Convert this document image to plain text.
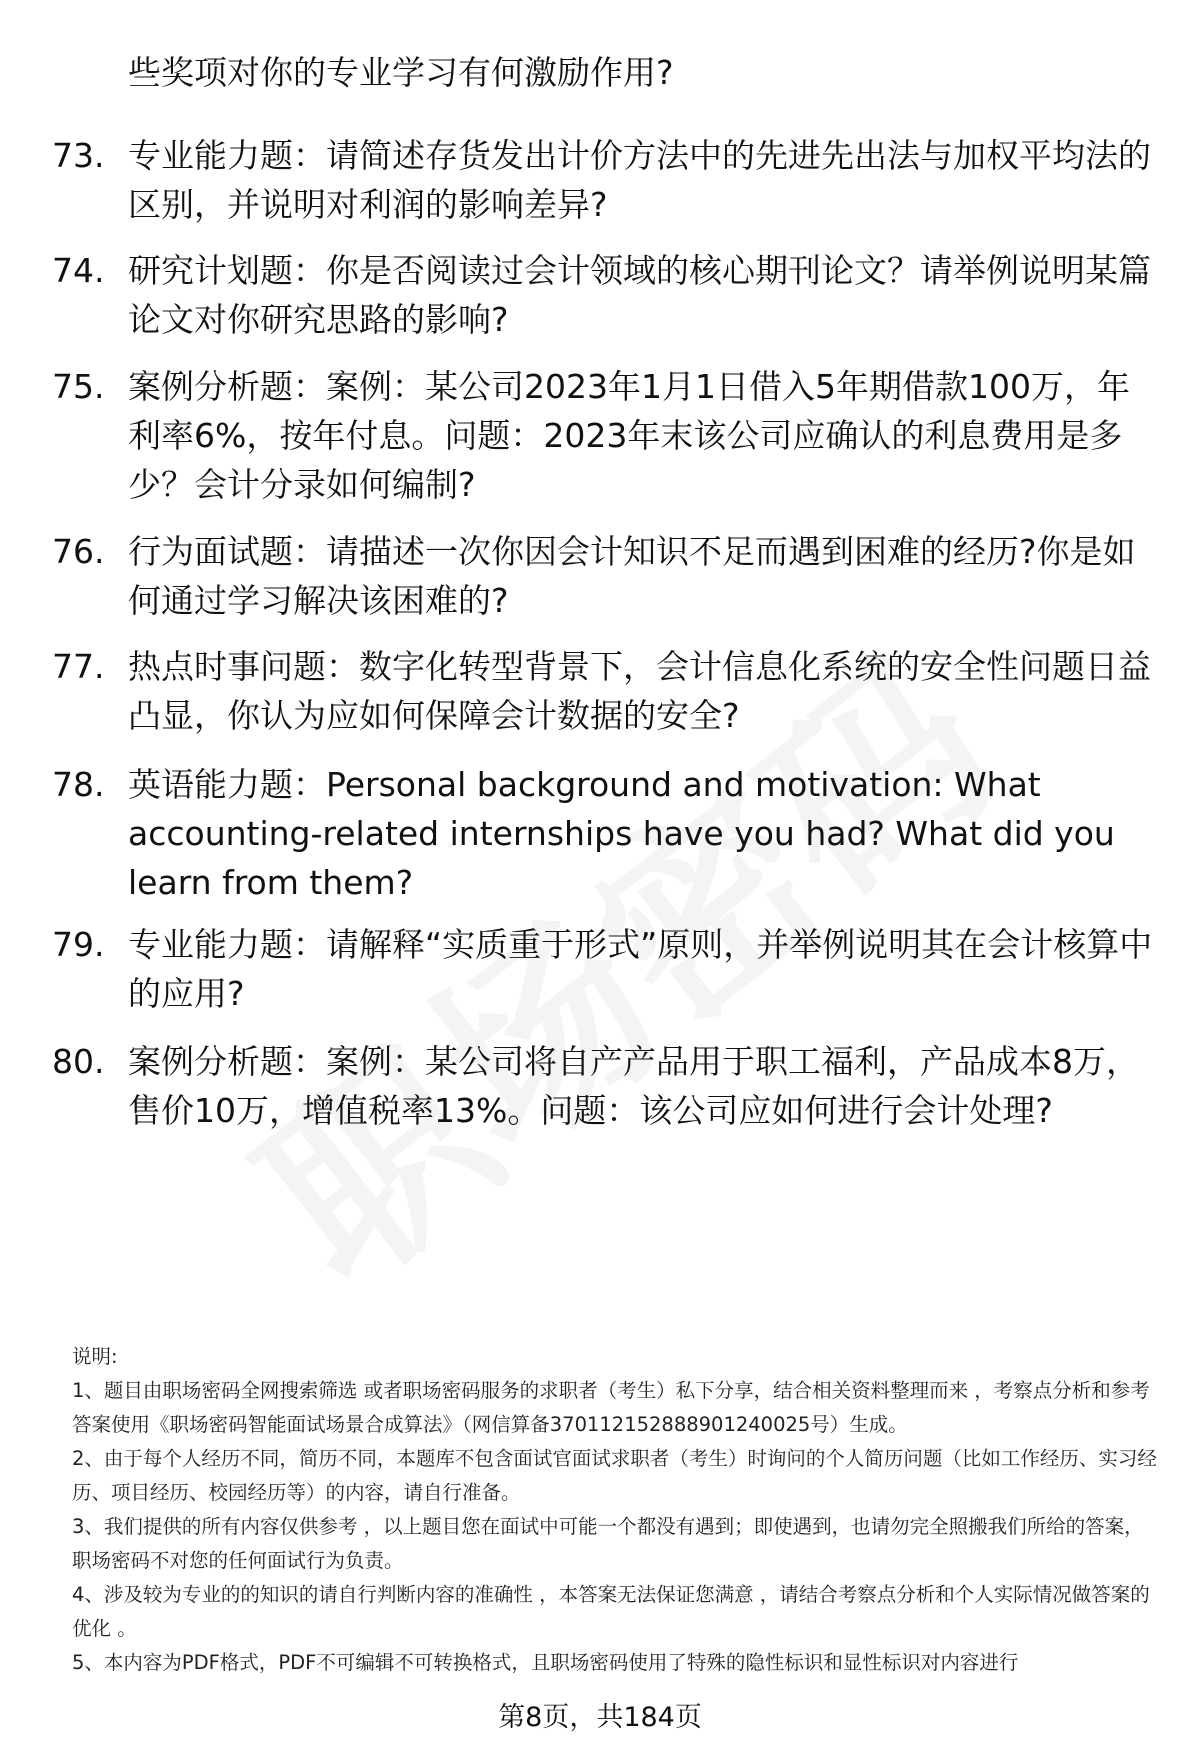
些奖项对你的专业学习有何激励作用?
73. 专业能力题：请简述存货发出计价方法中的先进先出法与加权平均法的区别，并说明对利润的影响差异?
74. 研究计划题：你是否阅读过会计领域的核心期刊论文？请举例说明某篇论文对你研究思路的影响?
75. 案例分析题：案例：某公司2023年1月1日借入5年期借款100万，年利率6%，按年付息。问题：2023年末该公司应确认的利息费用是多少？会计分录如何编制?
76. 行为面试题：请描述一次你因会计知识不足而遇到困难的经历?你是如何通过学习解决该困难的?
77. 热点时事问题：数字化转型背景下，会计信息化系统的安全性问题日益凸显，你认为应如何保障会计数据的安全?
78. 英语能力题：Personal background and motivation: What accounting-related internships have you had? What did you learn from them?
79. 专业能力题：请解释“实质重于形式”原则，并举例说明其在会计核算中的应用?
80. 案例分析题：案例：某公司将自产产品用于职工福利，产品成本8万，售价10万，增值税率13%。问题：该公司应如何进行会计处理?

说明:

1、题目由职场密码全网搜索筛选 或者职场密码服务的求职者（考生）私下分享，结合相关资料整理而来 ，考察点分析和参考答案使用《职场密码智能面试场景合成算法》（网信算备370112152888901240025号）生成。

2、由于每个人经历不同，简历不同，本题库不包含面试官面试求职者（考生）时询问的个人简历问题（比如工作经历、实习经历、项目经历、校园经历等）的内容，请自行准备。

3、我们提供的所有内容仅供参考 ，以上题目您在面试中可能一个都没有遇到；即使遇到，也请勿完全照搬我们所给的答案，职场密码不对您的任何面试行为负责。

4、涉及较为专业的的知识的请自行判断内容的准确性 ，本答案无法保证您满意 ，请结合考察点分析和个人实际情况做答案的优化 。

5、本内容为PDF格式，PDF不可编辑不可转换格式，且职场密码使用了特殊的隐性标识和显性标识对内容进行

第8页，共184页
